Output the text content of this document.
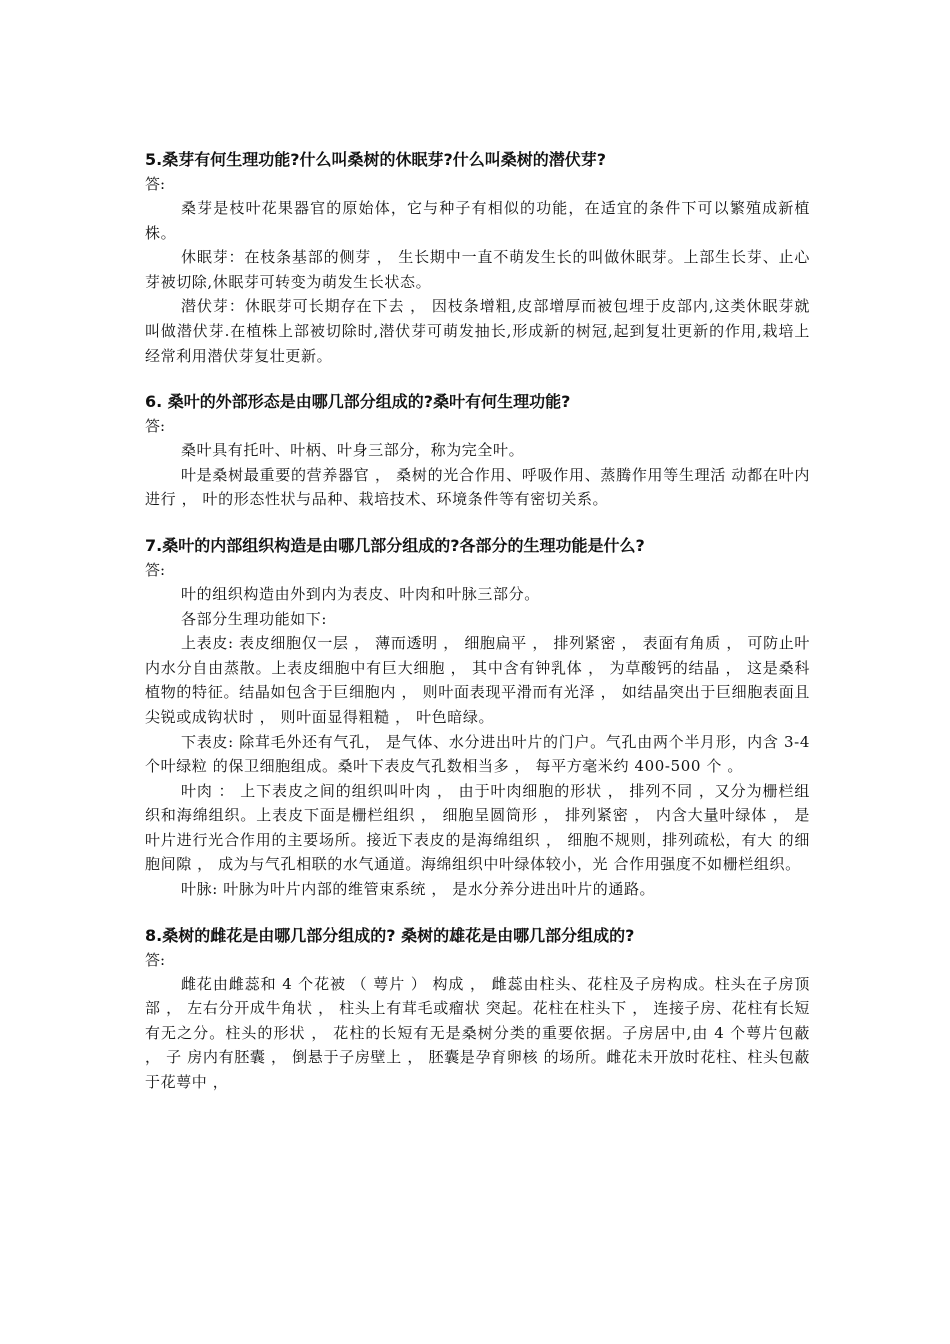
5.桑芽有何生理功能?什么叫桑树的休眠芽?什么叫桑树的潜伏芽?

答:

桑芽是枝叶花果器官的原始体，它与种子有相似的功能，在适宜的条件下可以繁殖成新植株。

休眠芽：在枝条基部的侧芽 ， 生长期中一直不萌发生长的叫做休眠芽。上部生长芽、止心芽被切除,休眠芽可转变为萌发生长状态。

潜伏芽：休眠芽可长期存在下去 ， 因枝条增粗,皮部增厚而被包埋于皮部内,这类休眠芽就叫做潜伏芽.在植株上部被切除时,潜伏芽可萌发抽长,形成新的树冠,起到复壮更新的作用,栽培上经常利用潜伏芽复壮更新。

6. 桑叶的外部形态是由哪几部分组成的?桑叶有何生理功能?

答:

桑叶具有托叶、叶柄、叶身三部分，称为完全叶。

叶是桑树最重要的营养器官 ， 桑树的光合作用、呼吸作用、蒸腾作用等生理活 动都在叶内进行 ， 叶的形态性状与品种、栽培技术、环境条件等有密切关系。

7.桑叶的内部组织构造是由哪几部分组成的?各部分的生理功能是什么?

答:

叶的组织构造由外到内为表皮、叶肉和叶脉三部分。

各部分生理功能如下:

上表皮: 表皮细胞仅一层 ， 薄而透明 ， 细胞扁平 ， 排列紧密 ， 表面有角质 ， 可防止叶内水分自由蒸散。上表皮细胞中有巨大细胞 ， 其中含有钟乳体 ， 为草酸钙的结晶 ， 这是桑科植物的特征。结晶如包含于巨细胞内 ， 则叶面表现平滑而有光泽 ， 如结晶突出于巨细胞表面且尖锐或成钩状时 ， 则叶面显得粗糙 ， 叶色暗绿。

下表皮: 除茸毛外还有气孔， 是气体、水分进出叶片的门户。气孔由两个半月形，内含 3-4 个叶绿粒 的保卫细胞组成。桑叶下表皮气孔数相当多 ， 每平方毫米约 400-500 个 。

叶肉 ： 上下表皮之间的组织叫叶肉 ， 由于叶肉细胞的形状 ， 排列不同 ，又分为栅栏组织和海绵组织。上表皮下面是栅栏组织 ， 细胞呈圆筒形 ， 排列紧密 ， 内含大量叶绿体 ， 是 叶片进行光合作用的主要场所。接近下表皮的是海绵组织 ， 细胞不规则，排列疏松，有大 的细胞间隙 ， 成为与气孔相联的水气通道。海绵组织中叶绿体较小，光 合作用强度不如栅栏组织。

叶脉: 叶脉为叶片内部的维管束系统 ， 是水分养分进出叶片的通路。

8.桑树的雌花是由哪几部分组成的? 桑树的雄花是由哪几部分组成的?

答:

雌花由雌蕊和 4 个花被 （ 萼片 ） 构成 ， 雌蕊由柱头、花柱及子房构成。柱头在子房顶部 ， 左右分开成牛角状 ， 柱头上有茸毛或瘤状 突起。花柱在柱头下 ， 连接子房、花柱有长短有无之分。柱头的形状 ， 花柱的长短有无是桑树分类的重要依据。子房居中,由 4 个萼片包蔽 ， 子 房内有胚囊 ， 倒悬于子房壁上 ， 胚囊是孕育卵核 的场所。雌花未开放时花柱、柱头包蔽于花萼中 ，
